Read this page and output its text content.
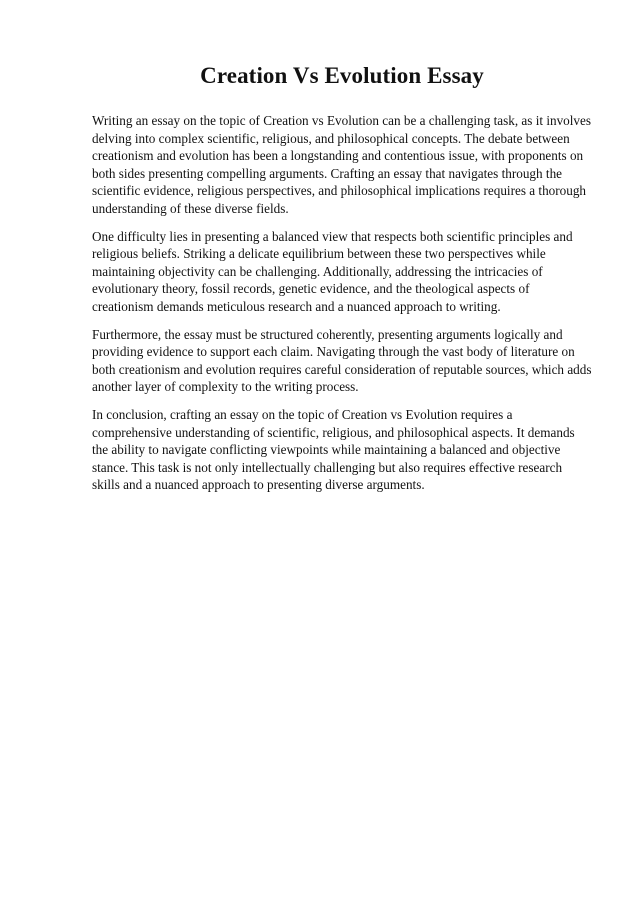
Creation Vs Evolution Essay

Writing an essay on the topic of Creation vs Evolution can be a challenging task, as it involves delving into complex scientific, religious, and philosophical concepts. The debate between creationism and evolution has been a longstanding and contentious issue, with proponents on both sides presenting compelling arguments. Crafting an essay that navigates through the scientific evidence, religious perspectives, and philosophical implications requires a thorough understanding of these diverse fields.

One difficulty lies in presenting a balanced view that respects both scientific principles and religious beliefs. Striking a delicate equilibrium between these two perspectives while maintaining objectivity can be challenging. Additionally, addressing the intricacies of evolutionary theory, fossil records, genetic evidence, and the theological aspects of creationism demands meticulous research and a nuanced approach to writing.

Furthermore, the essay must be structured coherently, presenting arguments logically and providing evidence to support each claim. Navigating through the vast body of literature on both creationism and evolution requires careful consideration of reputable sources, which adds another layer of complexity to the writing process.

In conclusion, crafting an essay on the topic of Creation vs Evolution requires a comprehensive understanding of scientific, religious, and philosophical aspects. It demands the ability to navigate conflicting viewpoints while maintaining a balanced and objective stance. This task is not only intellectually challenging but also requires effective research skills and a nuanced approach to presenting diverse arguments.
